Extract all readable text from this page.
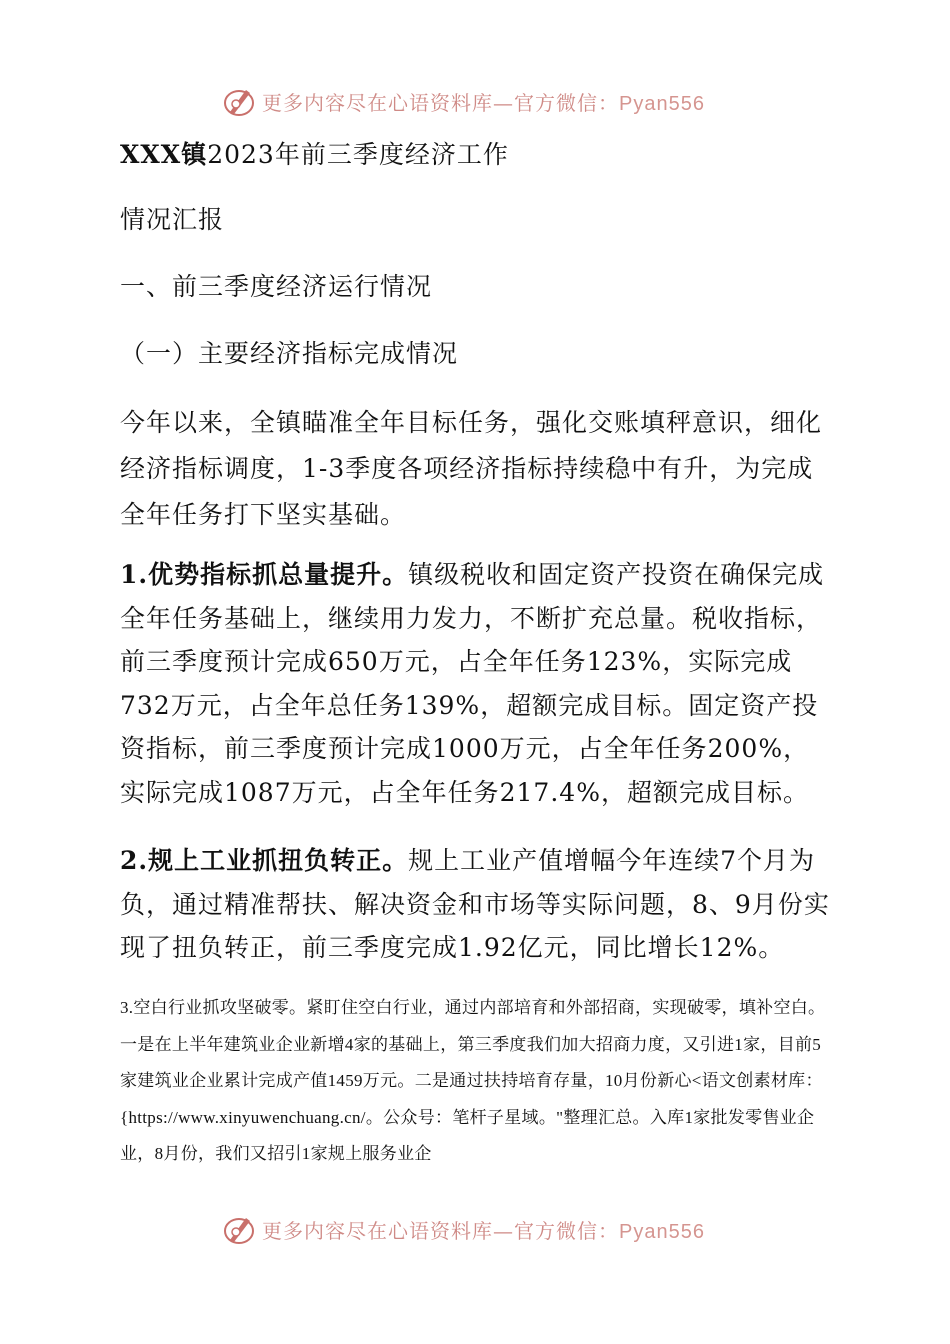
更多内容尽在心语资料库—官方微信：Pyan556
XXX镇2023年前三季度经济工作
情况汇报
一、前三季度经济运行情况
（一）主要经济指标完成情况
今年以来，全镇瞄准全年目标任务，强化交账填秤意识，细化经济指标调度，1-3季度各项经济指标持续稳中有升，为完成全年任务打下坚实基础。
1.优势指标抓总量提升。镇级税收和固定资产投资在确保完成全年任务基础上，继续用力发力，不断扩充总量。税收指标，前三季度预计完成650万元，占全年任务123%，实际完成732万元，占全年总任务139%，超额完成目标。固定资产投资指标，前三季度预计完成1000万元，占全年任务200%，实际完成1087万元，占全年任务217.4%，超额完成目标。
2.规上工业抓扭负转正。规上工业产值增幅今年连续7个月为负，通过精准帮扶、解决资金和市场等实际问题，8、9月份实现了扭负转正，前三季度完成1.92亿元，同比增长12%。
3.空白行业抓攻坚破零。紧盯住空白行业，通过内部培育和外部招商，实现破零，填补空白。一是在上半年建筑业企业新增4家的基础上，第三季度我们加大招商力度，又引进1家，目前5家建筑业企业累计完成产值1459万元。二是通过扶持培育存量，10月份新心<语文创素材库：{https://www.xinyuwenchuang.cn/。公众号：笔杆子星域。"整理汇总。入库1家批发零售业企业，8月份，我们又招引1家规上服务业企
更多内容尽在心语资料库—官方微信：Pyan556
